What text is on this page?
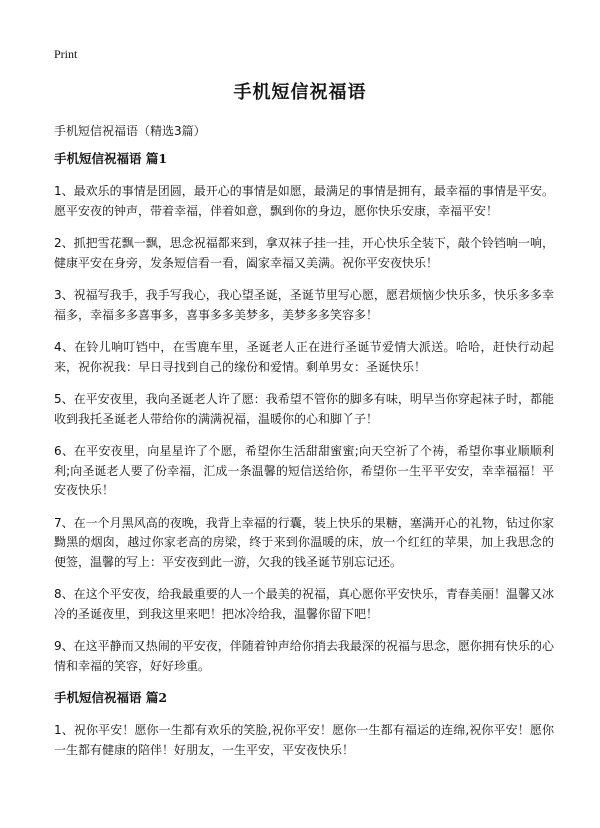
Print
手机短信祝福语

手机短信祝福语（精选3篇）

手机短信祝福语 篇1

1、最欢乐的事情是团圆，最开心的事情是如愿，最满足的事情是拥有，最幸福的事情是平安。愿平安夜的钟声，带着幸福，伴着如意，飘到你的身边，愿你快乐安康，幸福平安！

2、抓把雪花飘一飘，思念祝福都来到，拿双袜子挂一挂，开心快乐全装下，敲个铃铛响一响，健康平安在身旁，发条短信看一看，阖家幸福又美满。祝你平安夜快乐！

3、祝福写我手，我手写我心，我心望圣诞，圣诞节里写心愿，愿君烦恼少快乐多，快乐多多幸福多，幸福多多喜事多，喜事多多美梦多，美梦多多笑容多！

4、在铃儿响叮铛中，在雪鹿车里，圣诞老人正在进行圣诞节爱情大派送。哈哈，赶快行动起来，祝你祝我：早日寻找到自己的缘份和爱情。剩单男女：圣诞快乐！

5、在平安夜里，我向圣诞老人许了愿：我希望不管你的脚多有味，明早当你穿起袜子时，都能收到我托圣诞老人带给你的满满祝福，温暖你的心和脚丫子！

6、在平安夜里，向星星许了个愿，希望你生活甜甜蜜蜜;向天空祈了个祷，希望你事业顺顺利利;向圣诞老人要了份幸福，汇成一条温馨的短信送给你，希望你一生平平安安，幸幸福福！平安夜快乐！

7、在一个月黑风高的夜晚，我背上幸福的行囊，装上快乐的果糖，塞满开心的礼物，钻过你家黝黑的烟囱，越过你家老高的房梁，终于来到你温暖的床，放一个红红的苹果，加上我思念的便签，温馨的写上：平安夜到此一游，欠我的钱圣诞节别忘记还。

8、在这个平安夜，给我最重要的人一个最美的祝福，真心愿你平安快乐，青春美丽！温馨又冰冷的圣诞夜里，到我这里来吧！把冰冷给我，温馨你留下吧！

9、在这平静而又热闹的平安夜，伴随着钟声给你捎去我最深的祝福与思念，愿你拥有快乐的心情和幸福的笑容，好好珍重。

手机短信祝福语 篇2

1、祝你平安！愿你一生都有欢乐的笑脸,祝你平安！愿你一生都有福运的连绵,祝你平安！愿你一生都有健康的陪伴！好朋友，一生平安，平安夜快乐！
